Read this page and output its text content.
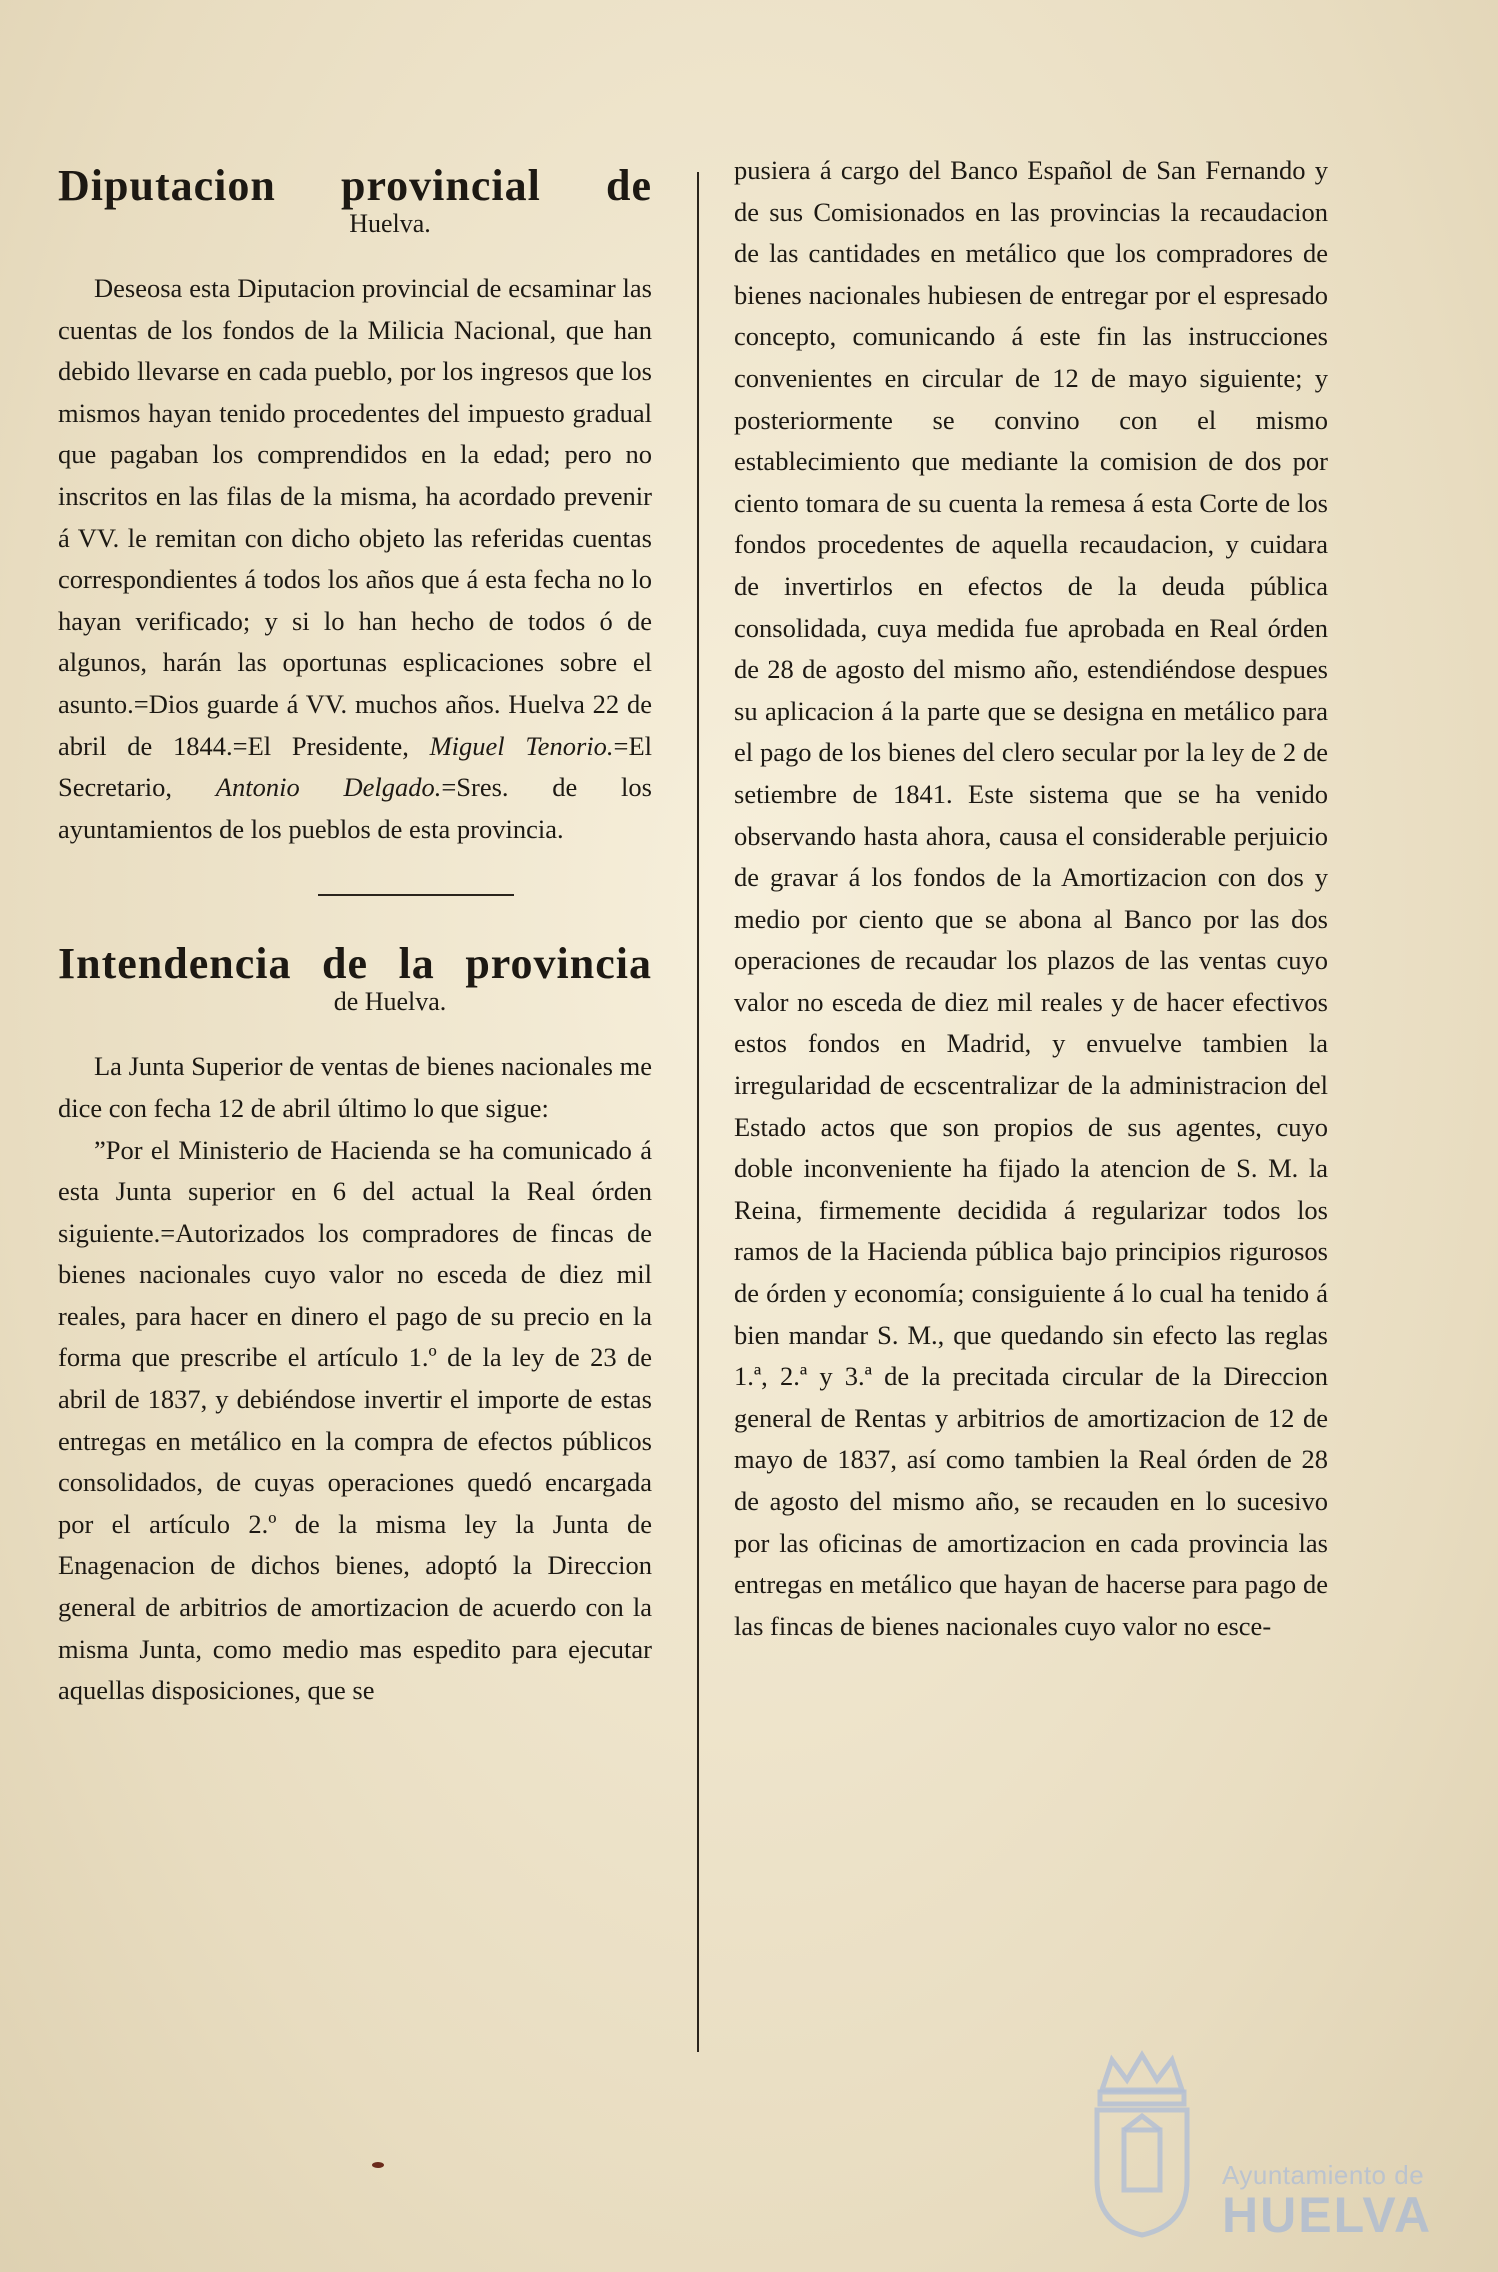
Diputacion provincial de
Huelva.

Deseosa esta Diputacion provincial de ecsaminar las cuentas de los fondos de la Milicia Nacional, que han debido llevarse en cada pueblo, por los ingresos que los mismos hayan tenido procedentes del impuesto gradual que pagaban los comprendidos en la edad; pero no inscritos en las filas de la misma, ha acordado prevenir á VV. le remitan con dicho objeto las referidas cuentas correspondientes á todos los años que á esta fecha no lo hayan verificado; y si lo han hecho de todos ó de algunos, harán las oportunas esplicaciones sobre el asunto.=Dios guarde á VV. muchos años. Huelva 22 de abril de 1844.=El Presidente, Miguel Tenorio.=El Secretario, Antonio Delgado.=Sres. de los ayuntamientos de los pueblos de esta provincia.

Intendencia de la provincia
de Huelva.

La Junta Superior de ventas de bienes nacionales me dice con fecha 12 de abril último lo que sigue:

”Por el Ministerio de Hacienda se ha comunicado á esta Junta superior en 6 del actual la Real órden siguiente.=Autorizados los compradores de fincas de bienes nacionales cuyo valor no esceda de diez mil reales, para hacer en dinero el pago de su precio en la forma que prescribe el artículo 1.º de la ley de 23 de abril de 1837, y debiéndose invertir el importe de estas entregas en metálico en la compra de efectos públicos consolidados, de cuyas operaciones quedó encargada por el artículo 2.º de la misma ley la Junta de Enagenacion de dichos bienes, adoptó la Direccion general de arbitrios de amortizacion de acuerdo con la misma Junta, como medio mas espedito para ejecutar aquellas disposiciones, que se

pusiera á cargo del Banco Español de San Fernando y de sus Comisionados en las provincias la recaudacion de las cantidades en metálico que los compradores de bienes nacionales hubiesen de entregar por el espresado concepto, comunicando á este fin las instrucciones convenientes en circular de 12 de mayo siguiente; y posteriormente se convino con el mismo establecimiento que mediante la comision de dos por ciento tomara de su cuenta la remesa á esta Corte de los fondos procedentes de aquella recaudacion, y cuidara de invertirlos en efectos de la deuda pública consolidada, cuya medida fue aprobada en Real órden de 28 de agosto del mismo año, estendiéndose despues su aplicacion á la parte que se designa en metálico para el pago de los bienes del clero secular por la ley de 2 de setiembre de 1841. Este sistema que se ha venido observando hasta ahora, causa el considerable perjuicio de gravar á los fondos de la Amortizacion con dos y medio por ciento que se abona al Banco por las dos operaciones de recaudar los plazos de las ventas cuyo valor no esceda de diez mil reales y de hacer efectivos estos fondos en Madrid, y envuelve tambien la irregularidad de ecscentralizar de la administracion del Estado actos que son propios de sus agentes, cuyo doble inconveniente ha fijado la atencion de S. M. la Reina, firmemente decidida á regularizar todos los ramos de la Hacienda pública bajo principios rigurosos de órden y economía; consiguiente á lo cual ha tenido á bien mandar S. M., que quedando sin efecto las reglas 1.ª, 2.ª y 3.ª de la precitada circular de la Direccion general de Rentas y arbitrios de amortizacion de 12 de mayo de 1837, así como tambien la Real órden de 28 de agosto del mismo año, se recauden en lo sucesivo por las oficinas de amortizacion en cada provincia las entregas en metálico que hayan de hacerse para pago de las fincas de bienes nacionales cuyo valor no esce-

Ayuntamiento de
HUELVA
